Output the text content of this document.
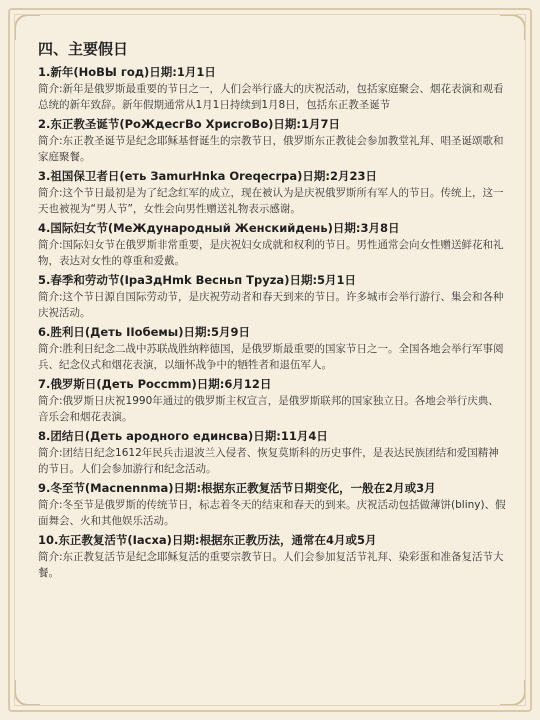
四、主要假日
1.新年(НоВЫ год)日期:1月1日
简介:新年是俄罗斯最重要的节日之一，人们会举行盛大的庆祝活动，包括家庭聚会、烟花表演和观看总统的新年致辞。新年假期通常从1月1日持续到1月8日，包括东正教圣诞节
2.东正教圣诞节(РоЖдесгВо ХрисгоВо)日期:1月7日
简介:东正教圣诞节是纪念耶稣基督诞生的宗教节日，俄罗斯东正教徒会参加教堂礼拜、唱圣诞颂歌和家庭聚餐。
3.祖国保卫者日(еть ЗamurHnka Oreqecrpa)日期:2月23日
简介:这个节日最初是为了纪念红军的成立，现在被认为是庆祝俄罗斯所有军人的节日。传统上，这一天也被视为“男人节”，女性会向男性赠送礼物表示感谢。
4.国际妇女节(МеЖдународный Женскийдень)日期:3月8日
简介:国际妇女节在俄罗斯非常重要，是庆祝妇女成就和权利的节日。男性通常会向女性赠送鲜花和礼物，表达对女性的尊重和爱戴。
5.春季和劳动节(IpaЗдHmk Весньп Труzа)日期:5月1日
简介:这个节日源自国际劳动节，是庆祝劳动者和春天到来的节日。许多城市会举行游行、集会和各种庆祝活动。
6.胜利日(Деть IIoбeмы)日期:5月9日
简介:胜利日纪念二战中苏联战胜纳粹德国，是俄罗斯最重要的国家节日之一。全国各地会举行军事阅兵、纪念仪式和烟花表演，以缅怀战争中的牺牲者和退伍军人。
7.俄罗斯日(Деть Poccmm)日期:6月12日
简介:俄罗斯日庆祝1990年通过的俄罗斯主权宣言，是俄罗斯联邦的国家独立日。各地会举行庆典、音乐会和烟花表演。
8.团结日(Деть аpодного единсва)日期:11月4日
简介:团结日纪念1612年民兵击退波兰入侵者、恢复莫斯科的历史事件，是表达民族团结和爱国精神的节日。人们会参加游行和纪念活动。
9.冬至节(Macnennma)日期:根据东正教复活节日期变化，一般在2月或3月
简介:冬至节是俄罗斯的传统节日，标志着冬天的结束和春天的到来。庆祝活动包括做薄饼(bliny)、假面舞会、火和其他娱乐活动。
10.东正教复活节(Iacxa)日期:根据东正教历法，通常在4月或5月
简介:东正教复活节是纪念耶稣复活的重要宗教节日。人们会参加复活节礼拜、染彩蛋和准备复活节大餐。
